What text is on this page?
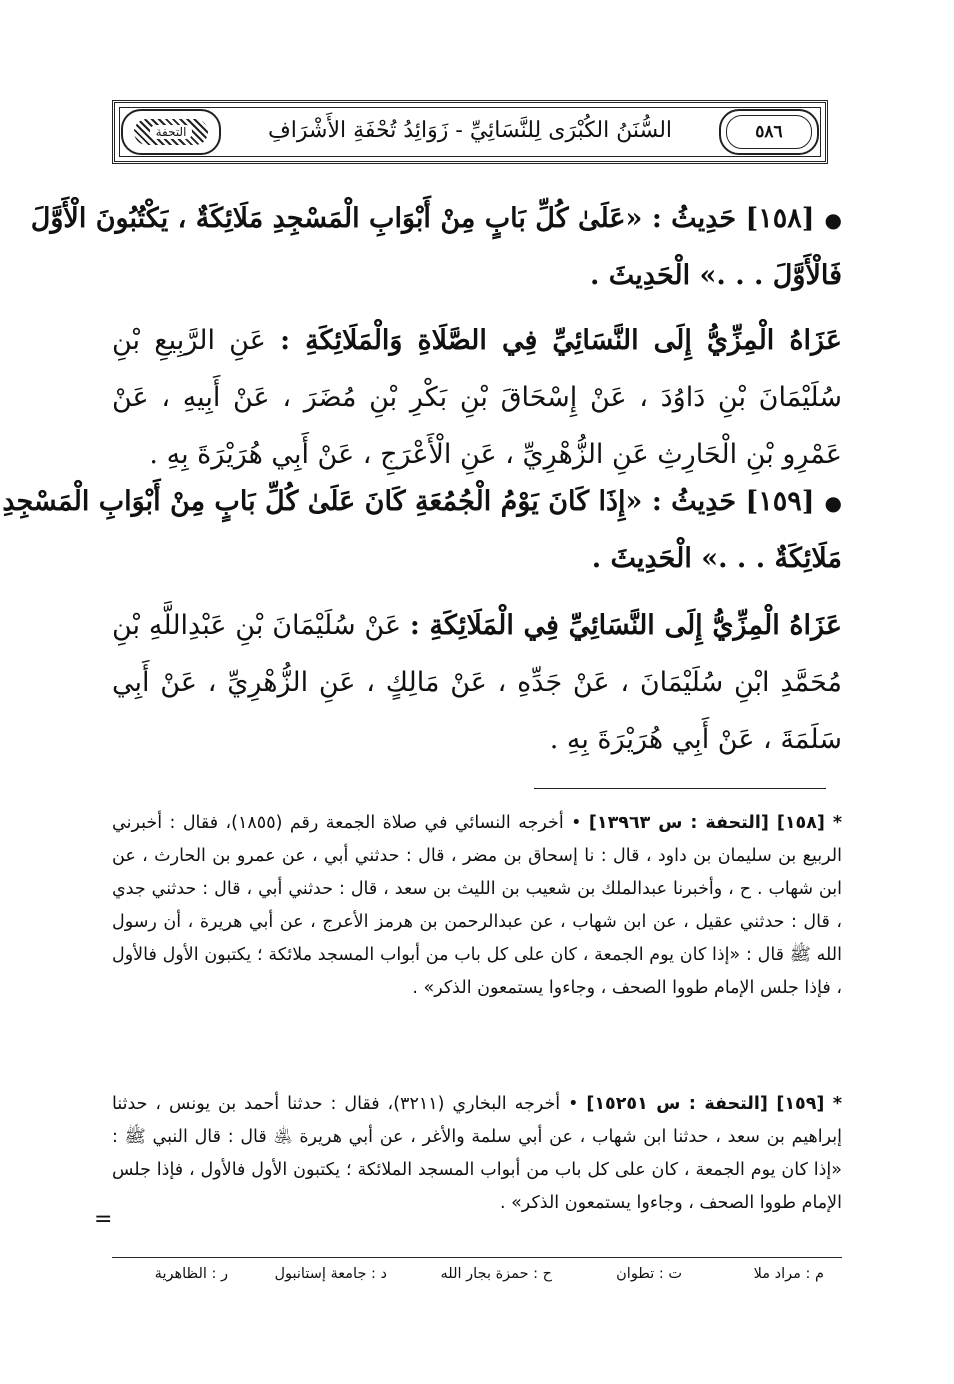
٥٨٦
السُّنَنُ الكُبْرَى لِلنَّسَائِيِّ - زَوَائِدُ تُحْفَةِ الأَشْرَافِ
التحفة
●[١٥٨] حَدِيثُ : «عَلَىٰ كُلِّ بَابٍ مِنْ أَبْوَابِ الْمَسْجِدِ مَلَائِكَةٌ ، يَكْتُبُونَ الْأَوَّلَ
فَالْأَوَّلَ . . .» الْحَدِيثَ .
عَزَاهُ الْمِزِّيُّ إِلَى النَّسَائِيِّ فِي الصَّلَاةِ وَالْمَلَائِكَةِ : عَنِ الرَّبِيعِ بْنِ سُلَيْمَانَ بْنِ دَاوُدَ ، عَنْ إِسْحَاقَ بْنِ بَكْرِ بْنِ مُضَرَ ، عَنْ أَبِيهِ ، عَنْ عَمْرِو بْنِ الْحَارِثِ عَنِ الزُّهْرِيِّ ، عَنِ الْأَعْرَجِ ، عَنْ أَبِي هُرَيْرَةَ بِهِ .
●[١٥٩] حَدِيثُ : «إِذَا كَانَ يَوْمُ الْجُمُعَةِ كَانَ عَلَىٰ كُلِّ بَابٍ مِنْ أَبْوَابِ الْمَسْجِدِ
مَلَائِكَةٌ . . .» الْحَدِيثَ .
عَزَاهُ الْمِزِّيُّ إِلَى النَّسَائِيِّ فِي الْمَلَائِكَةِ : عَنْ سُلَيْمَانَ بْنِ عَبْدِاللَّهِ بْنِ مُحَمَّدِ ابْنِ سُلَيْمَانَ ، عَنْ جَدِّهِ ، عَنْ مَالِكٍ ، عَنِ الزُّهْرِيِّ ، عَنْ أَبِي سَلَمَةَ ، عَنْ أَبِي هُرَيْرَةَ بِهِ .
* [١٥٨] [التحفة : س ١٣٩٦٣] • أخرجه النسائي في صلاة الجمعة رقم (١٨٥٥)، فقال : أخبرني الربيع بن سليمان بن داود ، قال : نا إسحاق بن مضر ، قال : حدثني أبي ، عن عمرو بن الحارث ، عن ابن شهاب . ح ، وأخبرنا عبدالملك بن شعيب بن الليث بن سعد ، قال : حدثني أبي ، قال : حدثني جدي ، قال : حدثني عقيل ، عن ابن شهاب ، عن عبدالرحمن بن هرمز الأعرج ، عن أبي هريرة ، أن رسول الله ﷺ قال : «إذا كان يوم الجمعة ، كان على كل باب من أبواب المسجد ملائكة ؛ يكتبون الأول فالأول ، فإذا جلس الإمام طووا الصحف ، وجاءوا يستمعون الذكر» .
* [١٥٩] [التحفة : س ١٥٢٥١] • أخرجه البخاري (٣٢١١)، فقال : حدثنا أحمد بن يونس ، حدثنا إبراهيم بن سعد ، حدثنا ابن شهاب ، عن أبي سلمة والأغر ، عن أبي هريرة ﵁ قال : قال النبي ﷺ : «إذا كان يوم الجمعة ، كان على كل باب من أبواب المسجد الملائكة ؛ يكتبون الأول فالأول ، فإذا جلس الإمام طووا الصحف ، وجاءوا يستمعون الذكر» .
=
م : مراد ملا
ت : تطوان
ح : حمزة بجار الله
د : جامعة إستانبول
ر : الظاهرية
